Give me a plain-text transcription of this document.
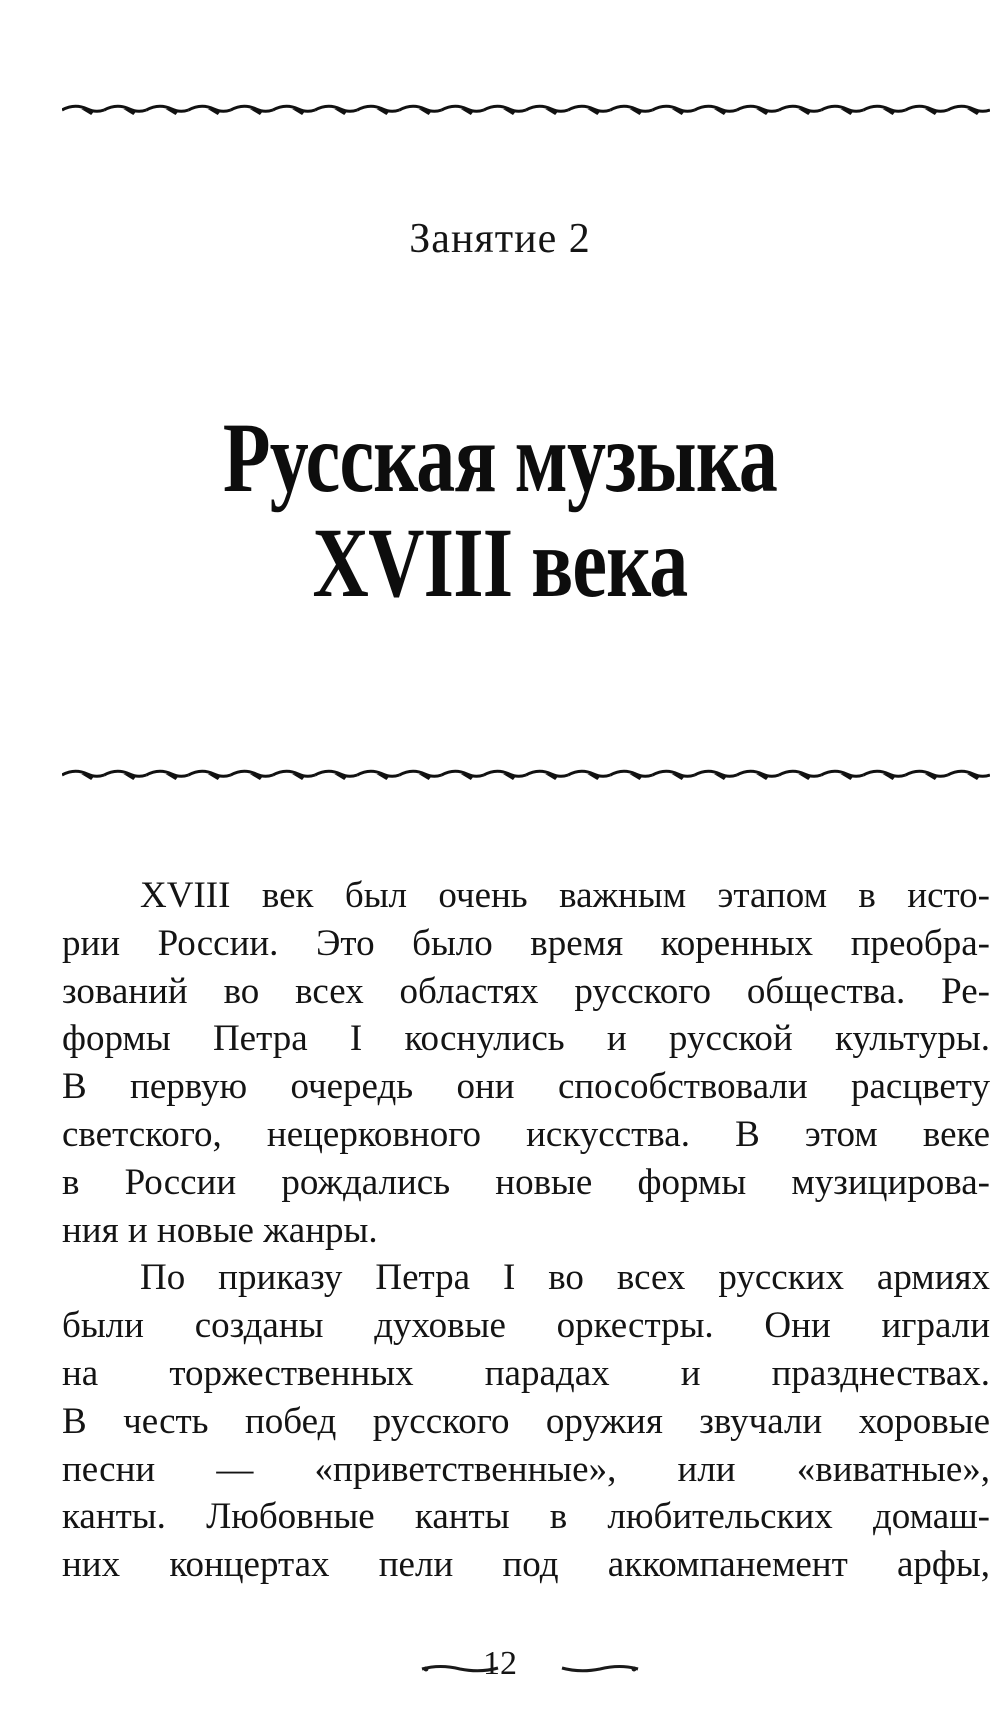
Занятие 2
Русская музыка
XVIII века
XVIII век был очень важным этапом в исто-
рии России. Это было время коренных преобра-
зований во всех областях русского общества. Ре-
формы Петра I коснулись и русской культуры.
В первую очередь они способствовали расцвету
светского, нецерковного искусства. В этом веке
в России рождались новые формы музицирова-
ния и новые жанры.
По приказу Петра I во всех русских армиях
были созданы духовые оркестры. Они играли
на торжественных парадах и празднествах.
В честь побед русского оружия звучали хоровые
песни — «приветственные», или «виватные»,
канты. Любовные канты в любительских домаш-
них концертах пели под аккомпанемент арфы,
12
